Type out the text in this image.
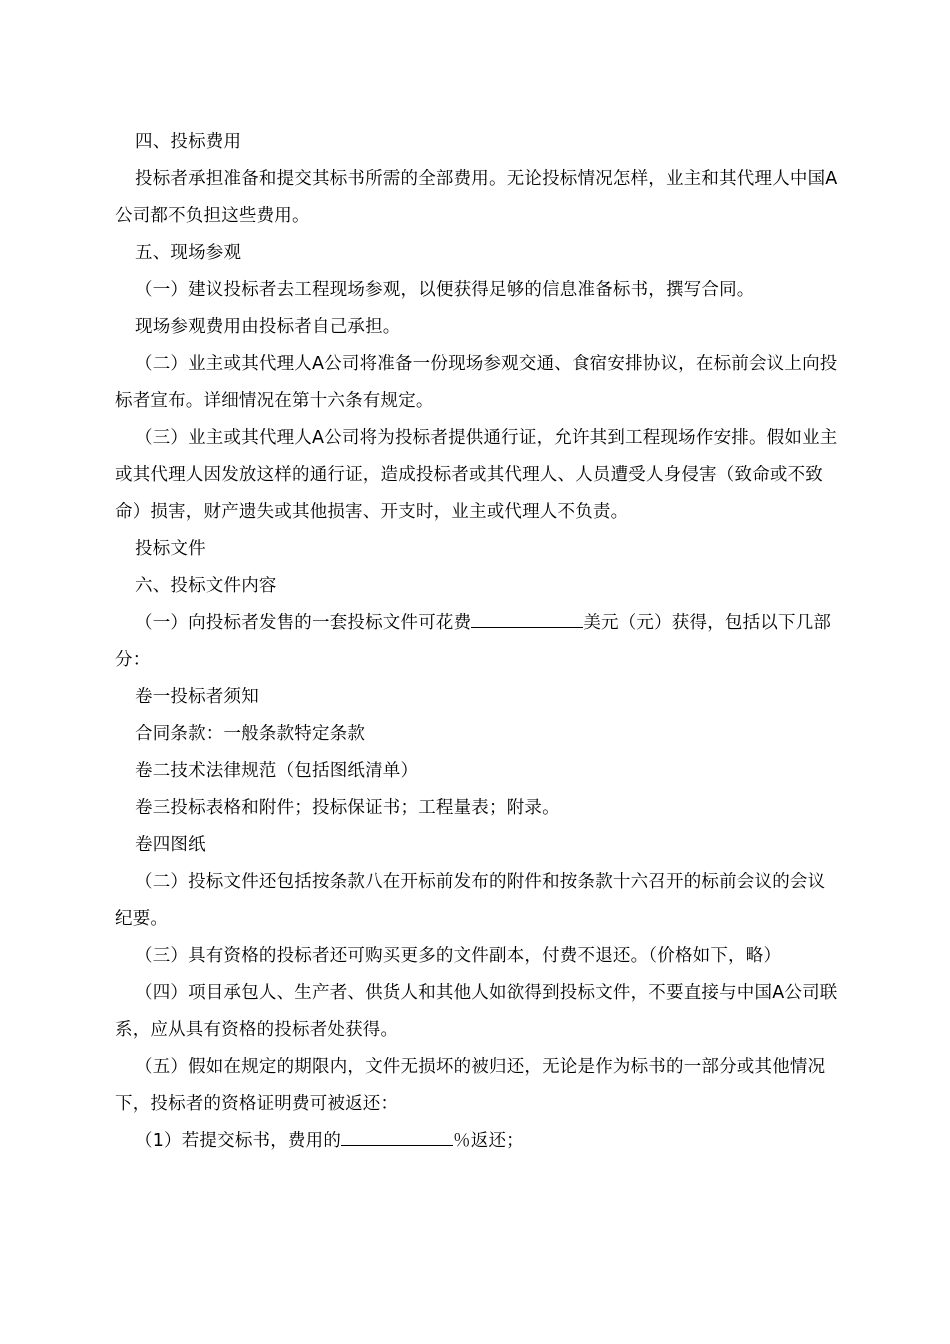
四、投标费用

投标者承担准备和提交其标书所需的全部费用。无论投标情况怎样，业主和其代理人中国A公司都不负担这些费用。

五、现场参观

（一）建议投标者去工程现场参观，以便获得足够的信息准备标书，撰写合同。

现场参观费用由投标者自己承担。

（二）业主或其代理人A公司将准备一份现场参观交通、食宿安排协议，在标前会议上向投标者宣布。详细情况在第十六条有规定。

（三）业主或其代理人A公司将为投标者提供通行证，允许其到工程现场作安排。假如业主或其代理人因发放这样的通行证，造成投标者或其代理人、人员遭受人身侵害（致命或不致命）损害，财产遗失或其他损害、开支时，业主或代理人不负责。

投标文件

六、投标文件内容

（一）向投标者发售的一套投标文件可花费	美元（元）获得，包括以下几部分：

卷一投标者须知

合同条款：一般条款特定条款

卷二技术法律规范（包括图纸清单）

卷三投标表格和附件；投标保证书；工程量表；附录。

卷四图纸

（二）投标文件还包括按条款八在开标前发布的附件和按条款十六召开的标前会议的会议纪要。

（三）具有资格的投标者还可购买更多的文件副本，付费不退还。（价格如下，略）

（四）项目承包人、生产者、供货人和其他人如欲得到投标文件，不要直接与中国A公司联系，应从具有资格的投标者处获得。

（五）假如在规定的期限内，文件无损坏的被归还，无论是作为标书的一部分或其他情况下，投标者的资格证明费可被返还：

（1）若提交标书，费用的	％返还；
